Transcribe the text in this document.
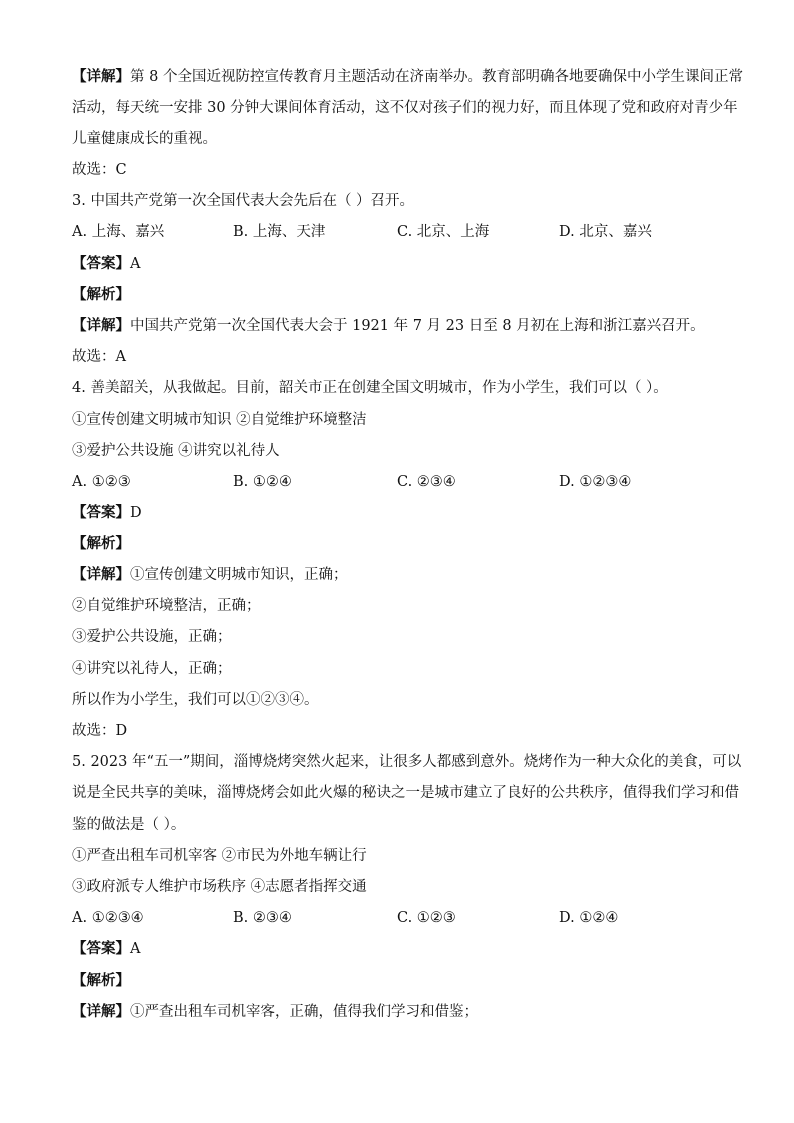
【详解】第 8 个全国近视防控宣传教育月主题活动在济南举办。教育部明确各地要确保中小学生课间正常
活动，每天统一安排 30 分钟大课间体育活动，这不仅对孩子们的视力好，而且体现了党和政府对青少年
儿童健康成长的重视。
故选：C
3. 中国共产党第一次全国代表大会先后在（ ）召开。
A. 上海、嘉兴	B. 上海、天津	C. 北京、上海	D. 北京、嘉兴
【答案】A
【解析】
【详解】中国共产党第一次全国代表大会于 1921 年 7 月 23 日至 8 月初在上海和浙江嘉兴召开。
故选：A
4. 善美韶关，从我做起。目前，韶关市正在创建全国文明城市，作为小学生，我们可以（ ）。
①宣传创建文明城市知识 ②自觉维护环境整洁
③爱护公共设施 ④讲究以礼待人
A. ①②③	B. ①②④	C. ②③④	D. ①②③④
【答案】D
【解析】
【详解】①宣传创建文明城市知识，正确；
②自觉维护环境整洁，正确；
③爱护公共设施，正确；
④讲究以礼待人，正确；
所以作为小学生，我们可以①②③④。
故选：D
5. 2023 年“五一”期间，淄博烧烤突然火起来，让很多人都感到意外。烧烤作为一种大众化的美食，可以
说是全民共享的美味，淄博烧烤会如此火爆的秘诀之一是城市建立了良好的公共秩序，值得我们学习和借
鉴的做法是（ ）。
①严查出租车司机宰客 ②市民为外地车辆让行
③政府派专人维护市场秩序 ④志愿者指挥交通
A. ①②③④	B. ②③④	C. ①②③	D. ①②④
【答案】A
【解析】
【详解】①严查出租车司机宰客，正确，值得我们学习和借鉴；
